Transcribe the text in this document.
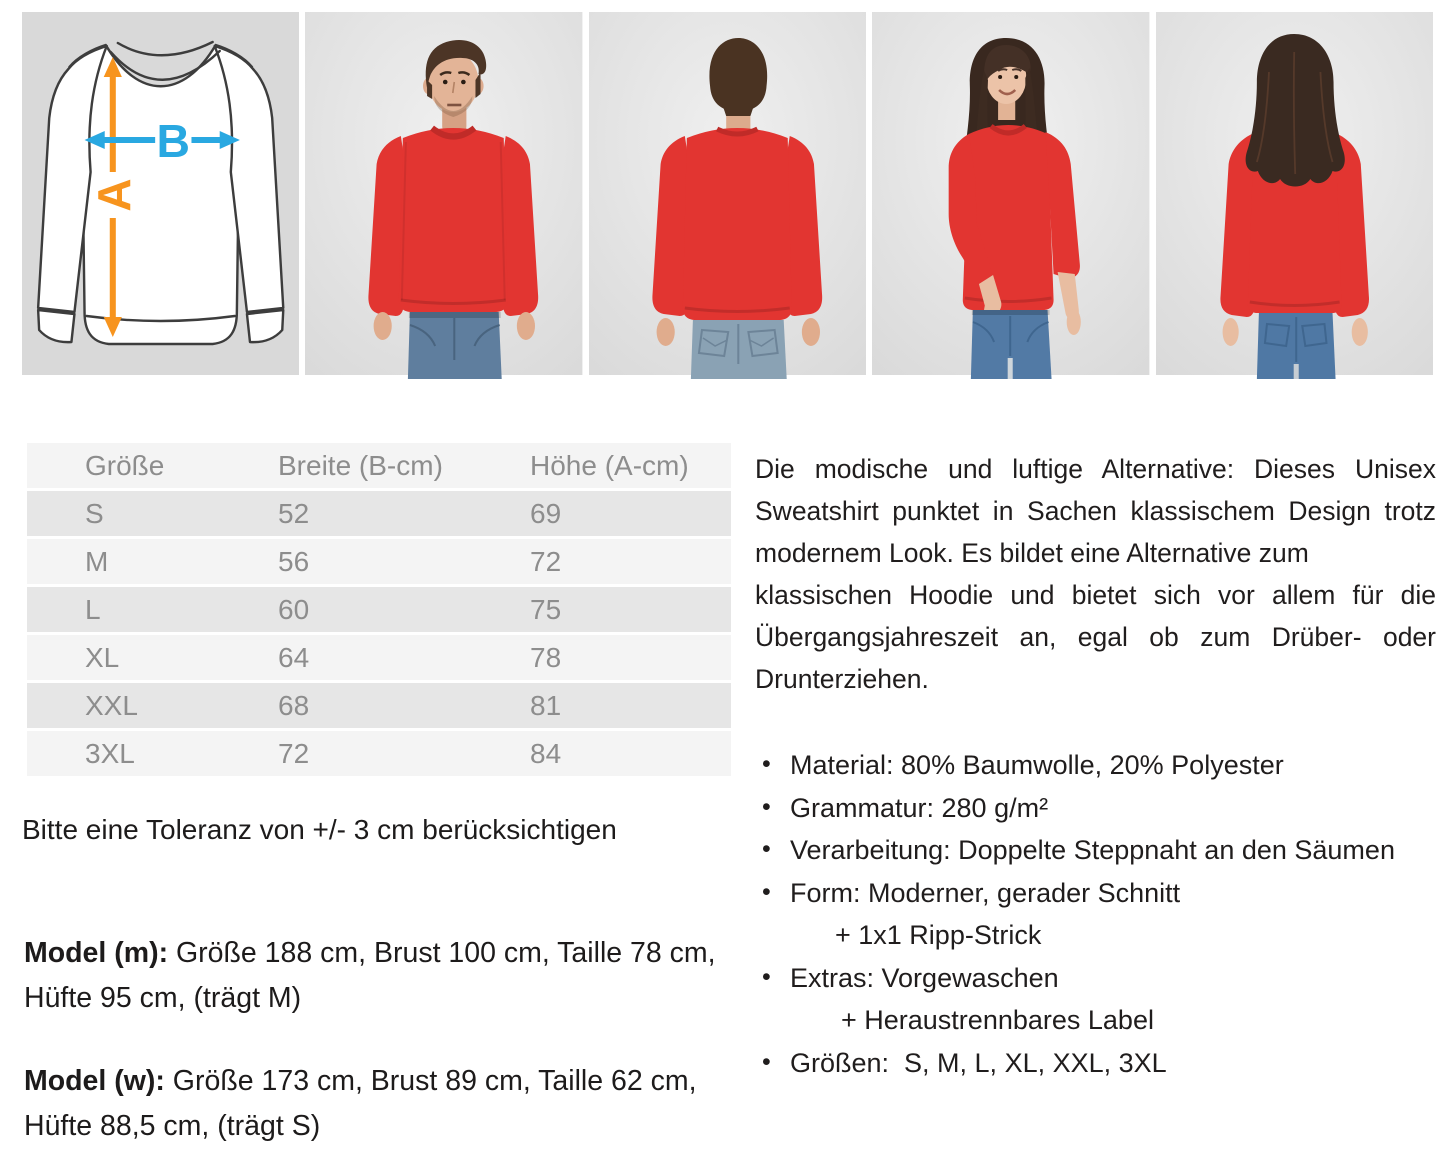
A
B
Größe	Breite (B-cm)	Höhe (A-cm)
S	52	69
M	56	72
L	60	75
XL	64	78
XXL	68	81
3XL	72	84
Bitte eine Toleranz von +/- 3 cm berücksichtigen

Model (m): Größe 188 cm, Brust 100 cm, Taille 78 cm, Hüfte 95 cm, (trägt M)

Model (w): Größe 173 cm, Brust 89 cm, Taille 62 cm, Hüfte 88,5 cm, (trägt S)

Die modische und luftige Alternative: Dieses Unisex
Sweatshirt punktet in Sachen klassischem Design trotz
modernem Look. Es bildet eine Alternative zum
klassischen Hoodie und bietet sich vor allem für die
Übergangsjahreszeit an, egal ob zum Drüber- oder
Drunterziehen.
• Material: 80% Baumwolle, 20% Polyester
• Grammatur: 280 g/m²
• Verarbeitung: Doppelte Steppnaht an den Säumen
• Form: Moderner, gerader Schnitt
+ 1x1 Ripp-Strick
• Extras: Vorgewaschen
+ Heraustrennbares Label
• Größen:  S, M, L, XL, XXL, 3XL
